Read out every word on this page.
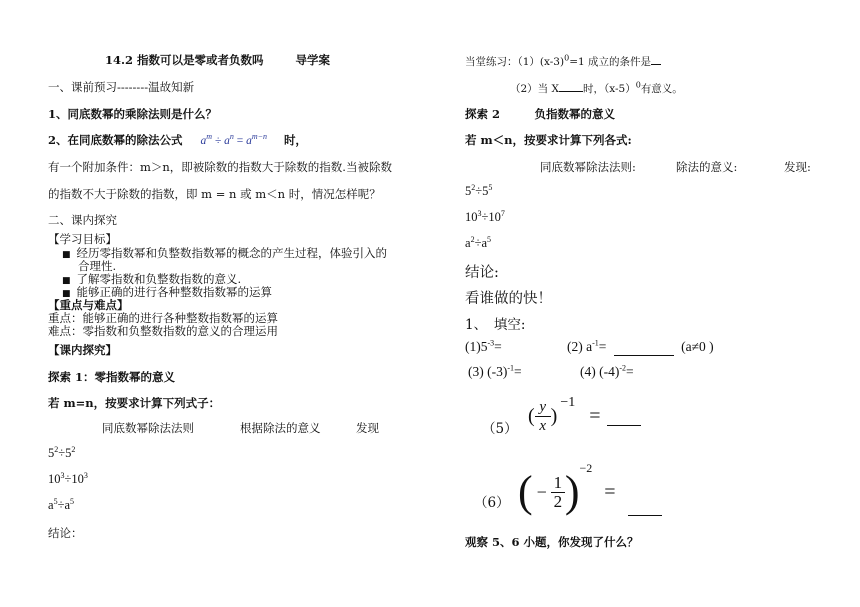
14.2 指数可以是零或者负数吗	导学案
一、课前预习--------温故知新
1、同底数幂的乘除法则是什么？
2、在同底数幂的除法公式 $a^m \div a^n = a^{m-n}$ 时，
有一个附加条件：m＞n，即被除数的指数大于除数的指数.当被除数
的指数不大于除数的指数，即 m = n 或 m＜n 时，情况怎样呢？
二、课内探究
【学习目标】
■ 经历零指数幂和负整数指数幂的概念的产生过程，体验引入的
合理性.
■ 了解零指数和负整数指数的意义.
■ 能够正确的进行各种整数指数幂的运算
【重点与难点】
重点：能够正确的进行各种整数指数幂的运算
难点：零指数和负整数指数的意义的合理运用
【课内探究】
探索 1：零指数幂的意义
若 m=n，按要求计算下列式子：
同底数幂除法法则	根据除法的意义	发现
$5^2\div 5^2$
$10^3\div 10^3$
$a^5\div a^5$
结论：
当堂练习：$(1)(x-3)^0=1$ 成立的条件是
（2）当 X 时，$(x-5)^0$有意义。
探索 2　　　负指数幂的意义
若 m＜n，按要求计算下列各式:
同底数幂除法法则:	除法的意义:	发现:
$5^2\div 5^5$
$10^3\div 10^7$
$a^2\div a^5$
结论:
看谁做的快！
1、　填空:
$(1)5^{-3}=$	(2) $a^{-1}=$	(a≠0 )
(3) $(-3)^{-1}=$	(4) $(-4)^{-2}=$
（5）
( $\frac{y}{x}$ )
−1
=

（6） ( − $\frac{1}{2}$ ) −2
=

观察 5、6 小题，你发现了什么？
